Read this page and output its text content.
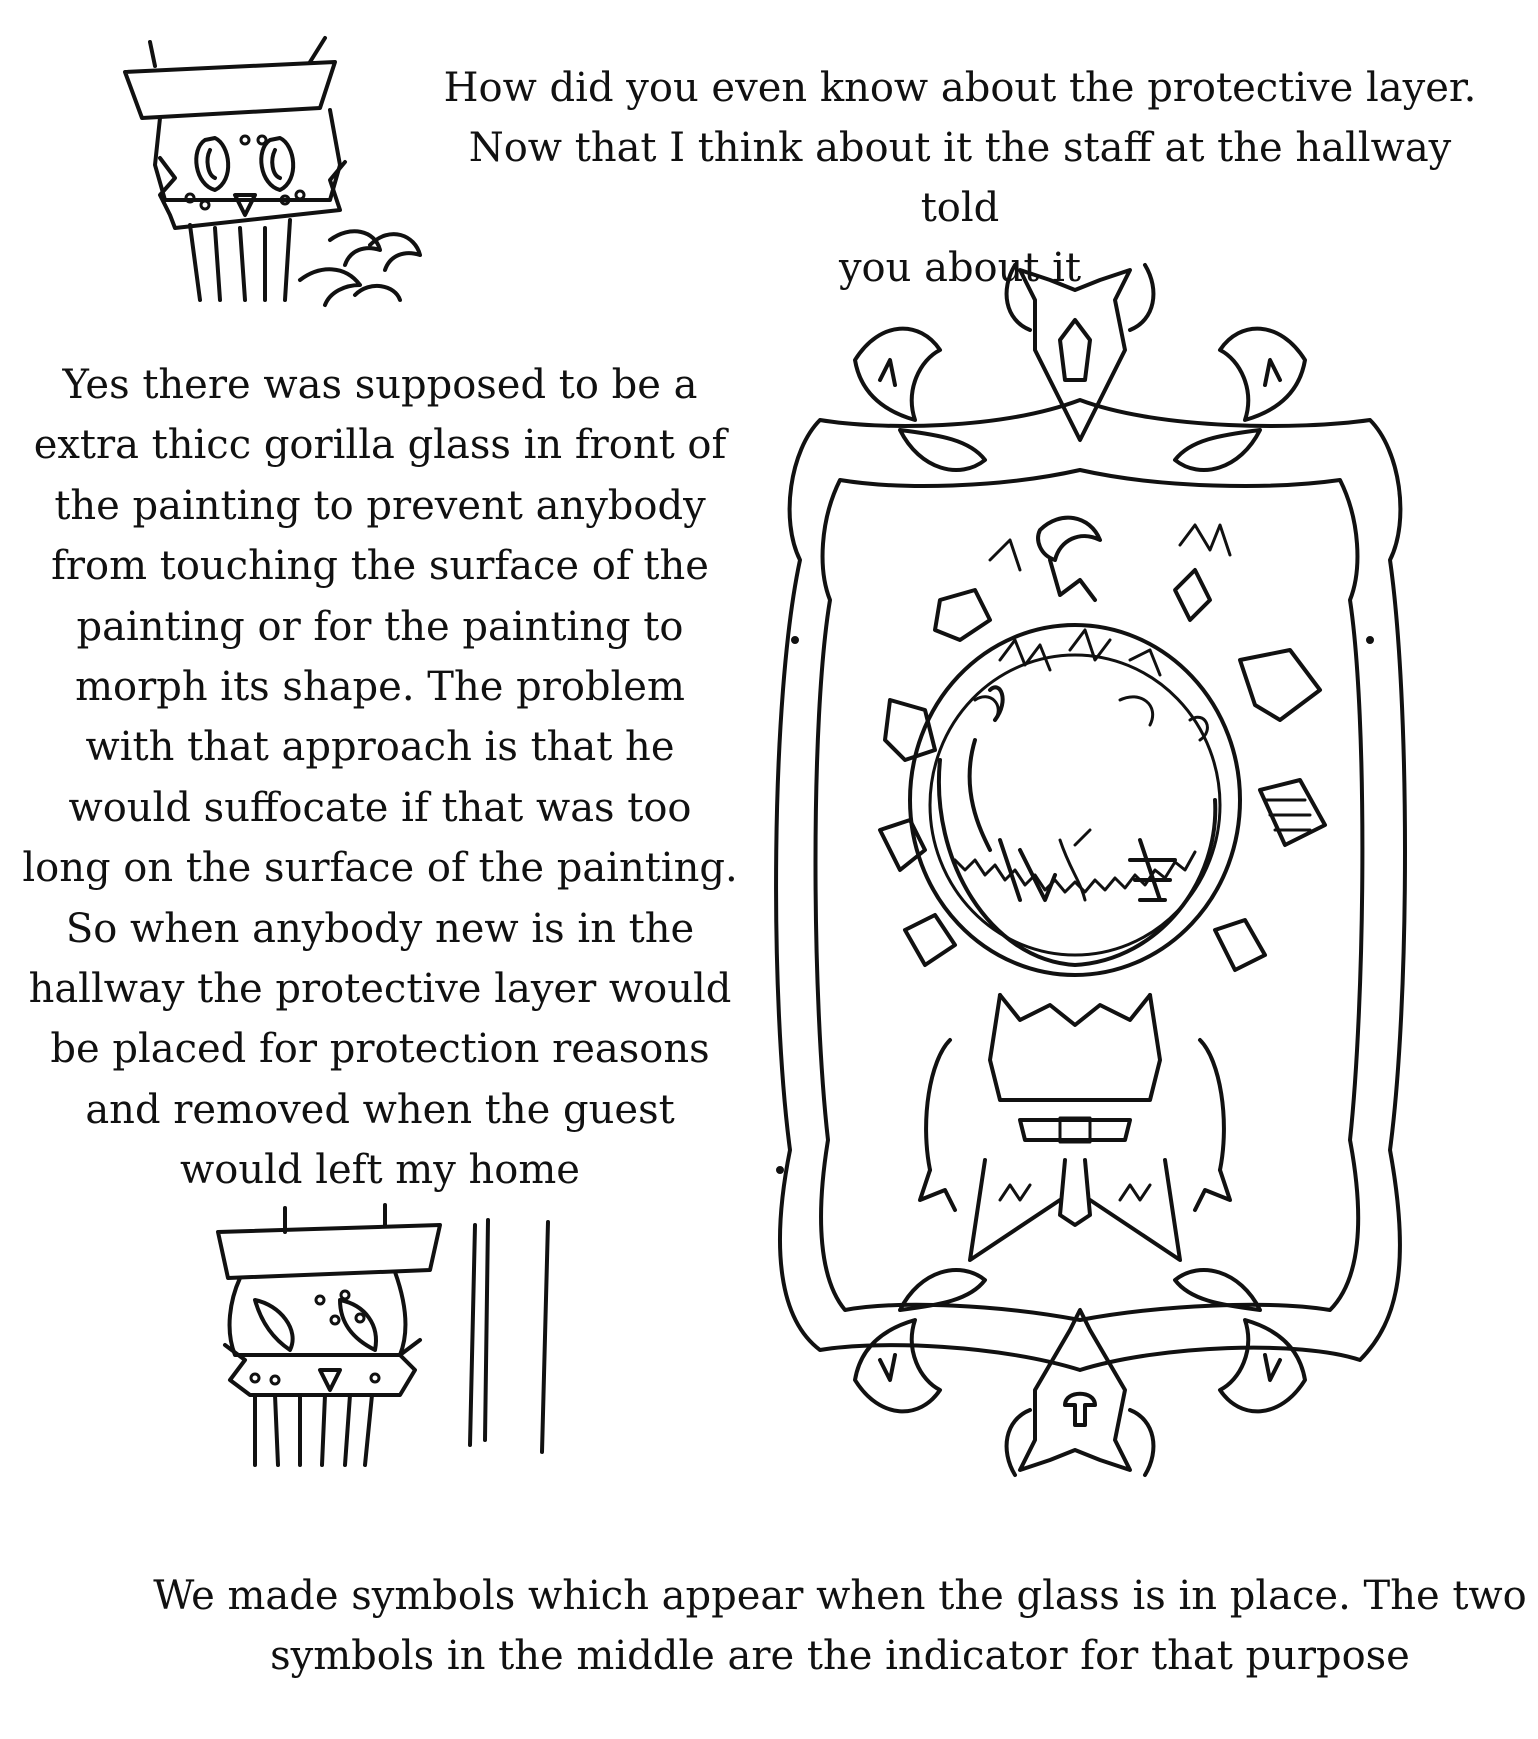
How did you even know about the protective layer.
Now that I think about it the staff at the hallway told
you about it
Yes there was supposed to be a
extra thicc gorilla glass in front of
the painting to prevent anybody
from touching the surface of the
painting or for the painting to
morph its shape. The problem
with that approach is that he
would suffocate if that was too
long on the surface of the painting.
So when anybody new is in the
hallway the protective layer would
be placed for protection reasons
and removed when the guest
would left my home
We made symbols which appear when the glass is in place. The two
symbols in the middle are the indicator for that purpose
